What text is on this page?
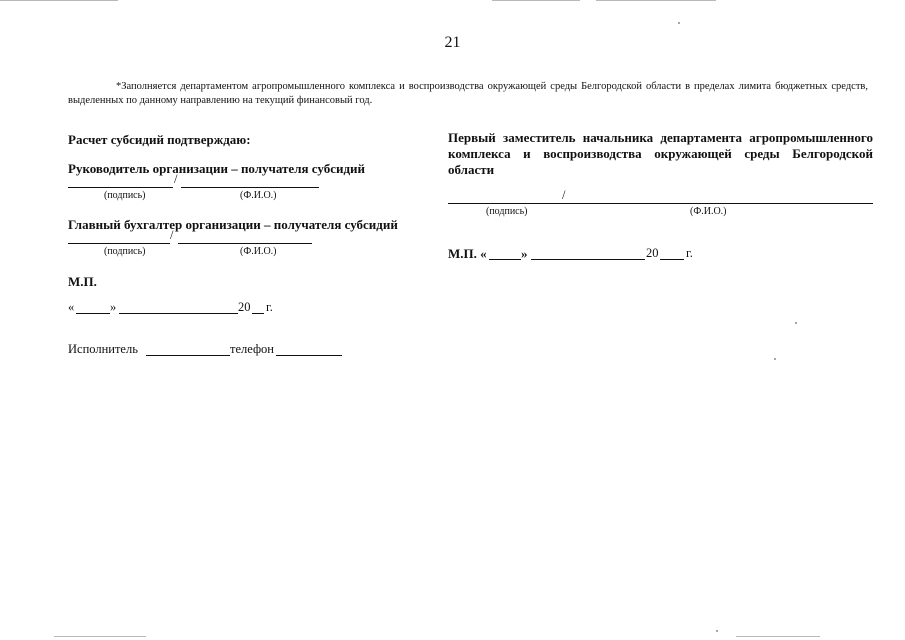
21
*Заполняется департаментом агропромышленного комплекса и воспроизводства окружающей среды Белгородской области в пределах лимита бюджетных средств, выделенных по данному направлению на текущий финансовый год.
Расчет субсидий подтверждаю:
Руководитель организации – получателя субсидий
/
(подпись)	(Ф.И.О.)
Главный бухгалтер организации – получателя субсидий
/
(подпись)	(Ф.И.О.)
М.П.
«	»	20 г.
Исполнитель	телефон
Первый заместитель начальника департамента агропромышленного комплекса и воспроизводства окружающей среды Белгородской области
/
(подпись)	(Ф.И.О.)
М.П. «	»	20 г.
